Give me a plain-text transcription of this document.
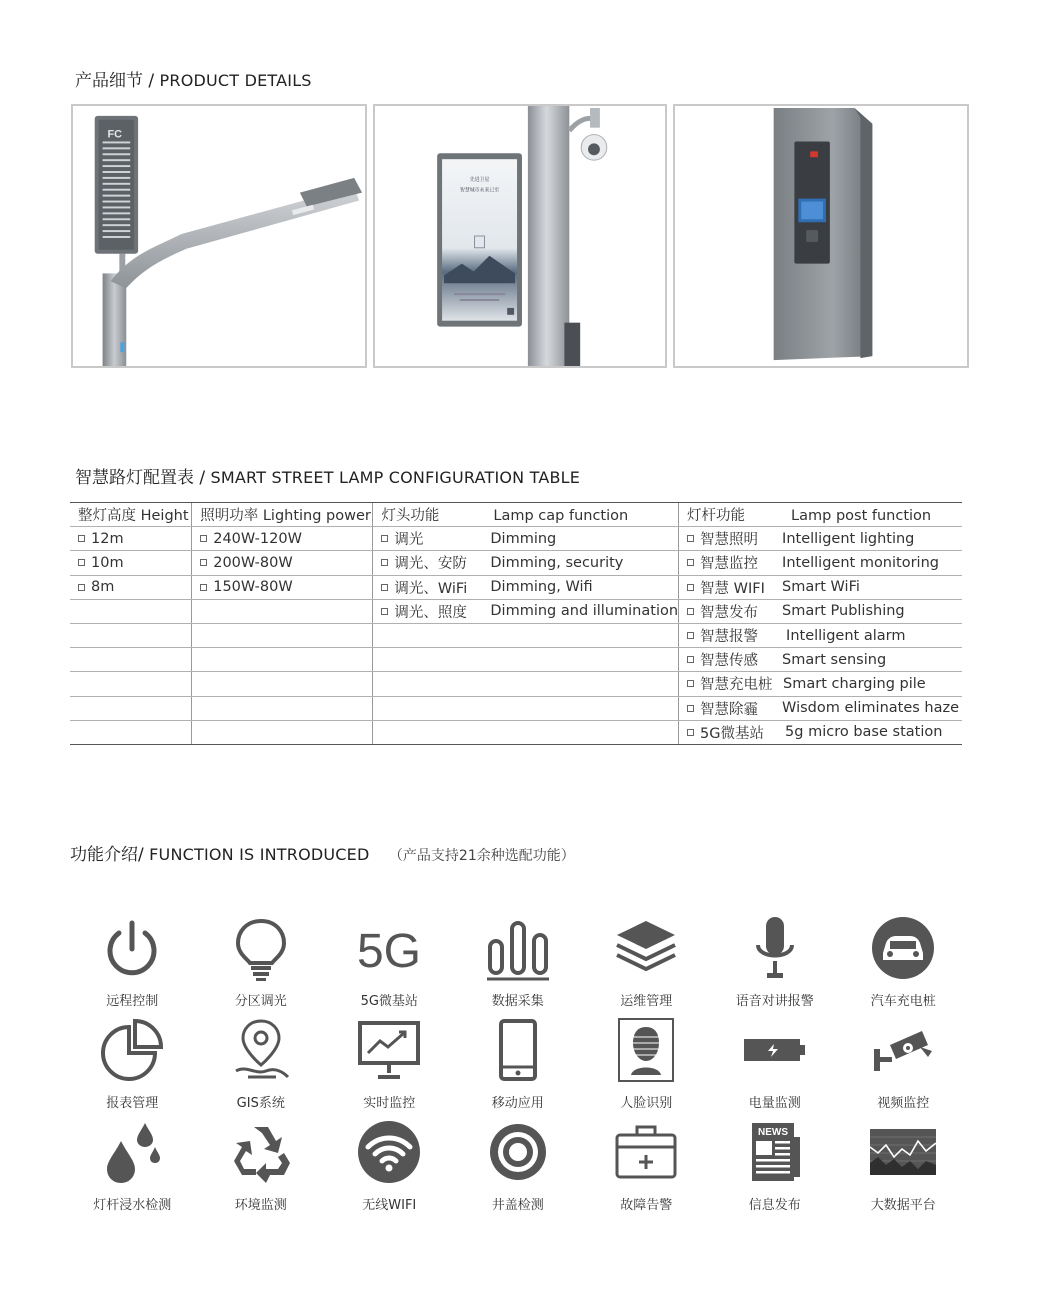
产品细节 / PRODUCT DETAILS
FC
先进卫星
智慧城市未来已至
智慧路灯配置表 / SMART STREET LAMP CONFIGURATION TABLE
整灯高度 Height	照明功率 Lighting power	灯头功能 Lamp cap function	灯杆功能 Lamp post function

12m	240W-120W	调光 Dimming	智慧照明 Intelligent lighting

10m	200W-80W	调光、安防 Dimming, security	智慧监控 Intelligent monitoring

8m	150W-80W	调光、WiFi Dimming, Wifi	智慧 WIFI Smart WiFi

		调光、照度 Dimming and illumination	智慧发布 Smart Publishing

			智慧报警 Intelligent alarm

			智慧传感 Smart sensing

			智慧充电桩 Smart charging pile

			智慧除霾 Wisdom eliminates haze

			5G微基站 5g micro base station
功能介绍/ FUNCTION IS INTRODUCED （产品支持21余种选配功能）
远程控制	分区调光
5G
5G微基站	数据采集	运维管理	语音对讲报警	汽车充电桩
报表管理	GIS系统	实时监控	移动应用	人脸识别	电量监测	视频监控
灯杆浸水检测	环境监测	无线WIFI	井盖检测	故障告警
NEWS
信息发布	大数据平台
